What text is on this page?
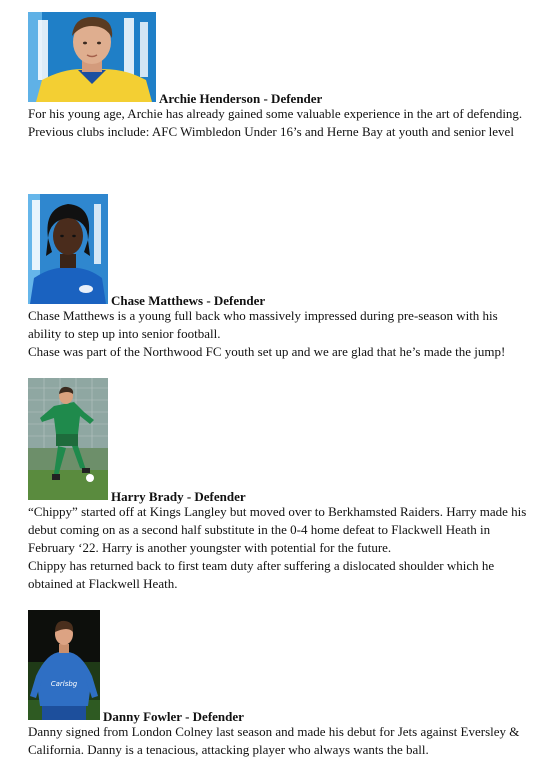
Archie Henderson - Defender

For his young age, Archie has already gained some valuable experience in the art of defending.

Previous clubs include: AFC Wimbledon Under 16’s and Herne Bay at youth and senior level

Chase Matthews - Defender

Chase Matthews is a young full back who massively impressed during pre-season with his ability to step up into senior football.

Chase was part of the Northwood FC youth set up and we are glad that he’s made the jump!

Harry Brady - Defender

“Chippy” started off at Kings Langley but moved over to Berkhamsted Raiders. Harry made his debut coming on as a second half substitute in the 0-4 home defeat to Flackwell Heath in February ‘22. Harry is another youngster with potential for the future.

Chippy has returned back to first team duty after suffering a dislocated shoulder which he obtained at Flackwell Heath.

Carlsbg
Danny Fowler - Defender

Danny signed from London Colney last season and made his debut for Jets against Eversley & California. Danny is a tenacious, attacking player who always wants the ball.
